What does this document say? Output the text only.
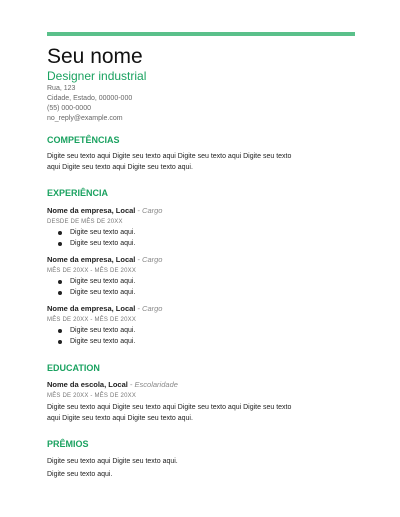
Seu nome
Designer industrial
Rua, 123
Cidade, Estado, 00000-000
(55) 000-0000
no_reply@example.com
COMPETÊNCIAS
Digite seu texto aqui Digite seu texto aqui Digite seu texto aqui Digite seu texto aqui Digite seu texto aqui Digite seu texto aqui.
EXPERIÊNCIA
Nome da empresa, Local - Cargo
DESDE DE MÊS DE 20XX
Digite seu texto aqui.
Digite seu texto aqui.
Nome da empresa, Local - Cargo
MÊS DE 20XX - MÊS DE 20XX
Digite seu texto aqui.
Digite seu texto aqui.
Nome da empresa, Local - Cargo
MÊS DE 20XX - MÊS DE 20XX
Digite seu texto aqui.
Digite seu texto aqui.
EDUCATION
Nome da escola, Local - Escolaridade
MÊS DE 20XX - MÊS DE 20XX
Digite seu texto aqui Digite seu texto aqui Digite seu texto aqui Digite seu texto aqui Digite seu texto aqui Digite seu texto aqui.
PRÊMIOS
Digite seu texto aqui Digite seu texto aqui.
Digite seu texto aqui.
